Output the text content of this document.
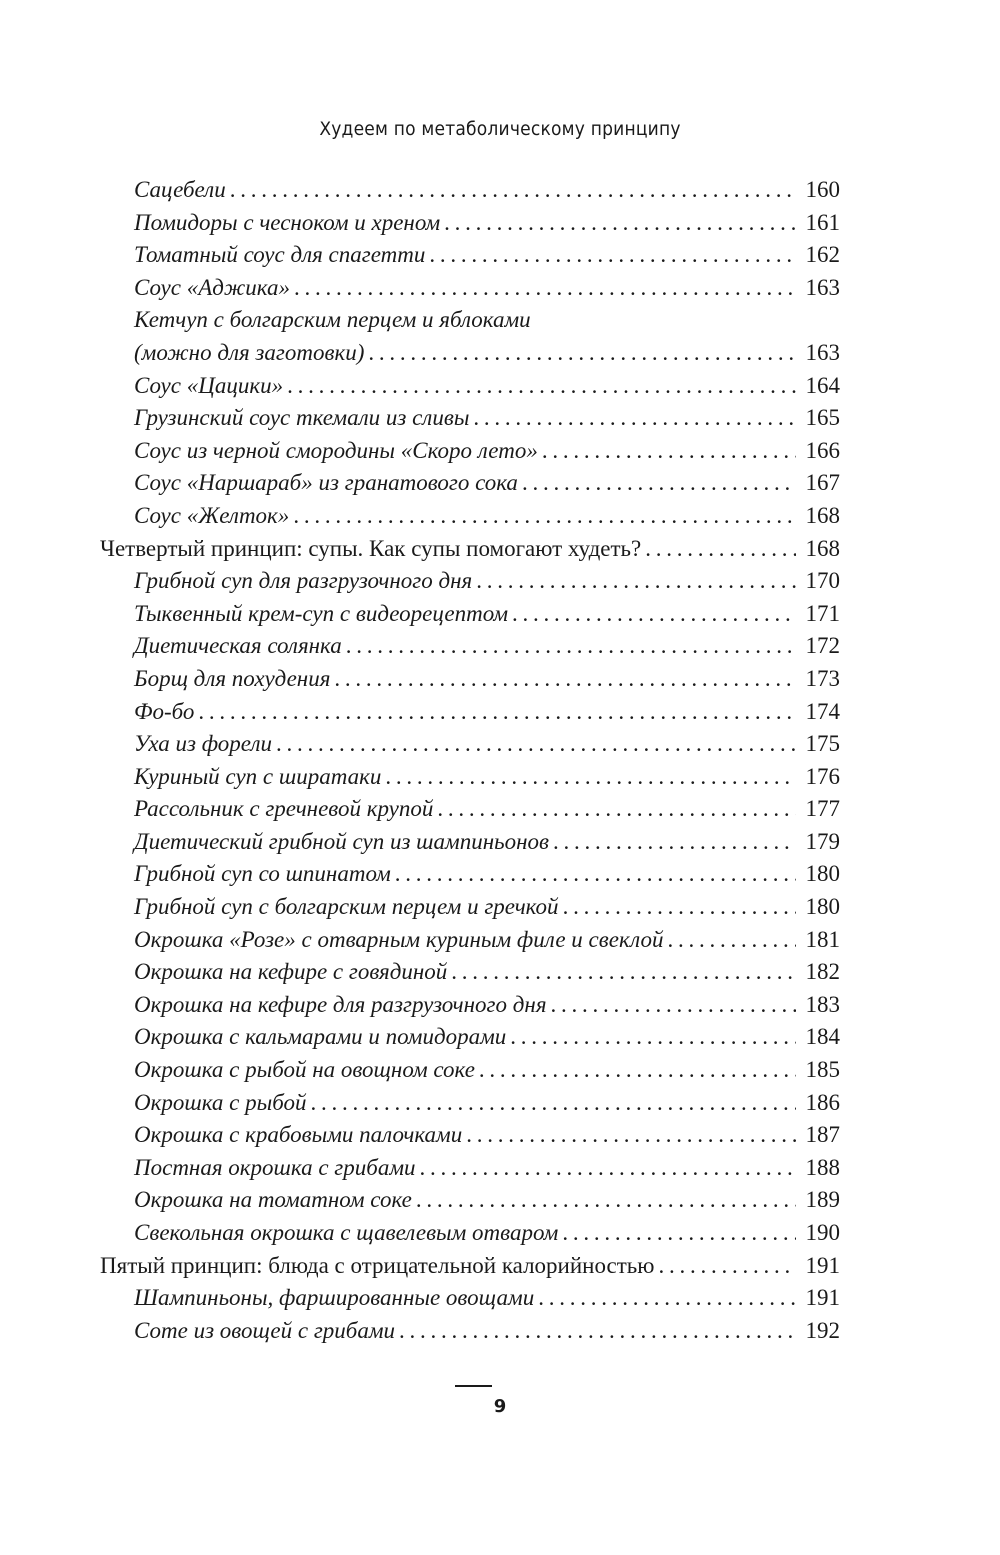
Худеем по метаболическому принципу
Сацебели . . .	160
Помидоры с чесноком и хреном . . .	161
Томатный соус для спагетти . . .	162
Соус «Аджика» . . .	163
Кетчуп с болгарским перцем и яблоками
(можно для заготовки) . . .	163
Соус «Цацики» . . .	164
Грузинский соус ткемали из сливы . . .	165
Соус из черной смородины «Скоро лето» . . .	166
Соус «Наршараб» из гранатового сока . . .	167
Соус «Желток» . . .	168
Четвертый принцип: супы. Как супы помогают худеть? . . .	168
Грибной суп для разгрузочного дня . . .	170
Тыквенный крем-суп с видеорецептом . . .	171
Диетическая солянка . . .	172
Борщ для похудения . . .	173
Фо-бо . . .	174
Уха из форели . . .	175
Куриный суп с ширатаки . . .	176
Рассольник с гречневой крупой . . .	177
Диетический грибной суп из шампиньонов . . .	179
Грибной суп со шпинатом . . .	180
Грибной суп с болгарским перцем и гречкой . . .	180
Окрошка «Розе» с отварным куриным филе и свеклой . . .	181
Окрошка на кефире с говядиной . . .	182
Окрошка на кефире для разгрузочного дня . . .	183
Окрошка с кальмарами и помидорами . . .	184
Окрошка с рыбой на овощном соке . . .	185
Окрошка с рыбой . . .	186
Окрошка с крабовыми палочками . . .	187
Постная окрошка с грибами . . .	188
Окрошка на томатном соке . . .	189
Свекольная окрошка с щавелевым отваром . . .	190
Пятый принцип: блюда с отрицательной калорийностью . . .	191
Шампиньоны, фаршированные овощами . . .	191
Соте из овощей с грибами . . .	192
9
